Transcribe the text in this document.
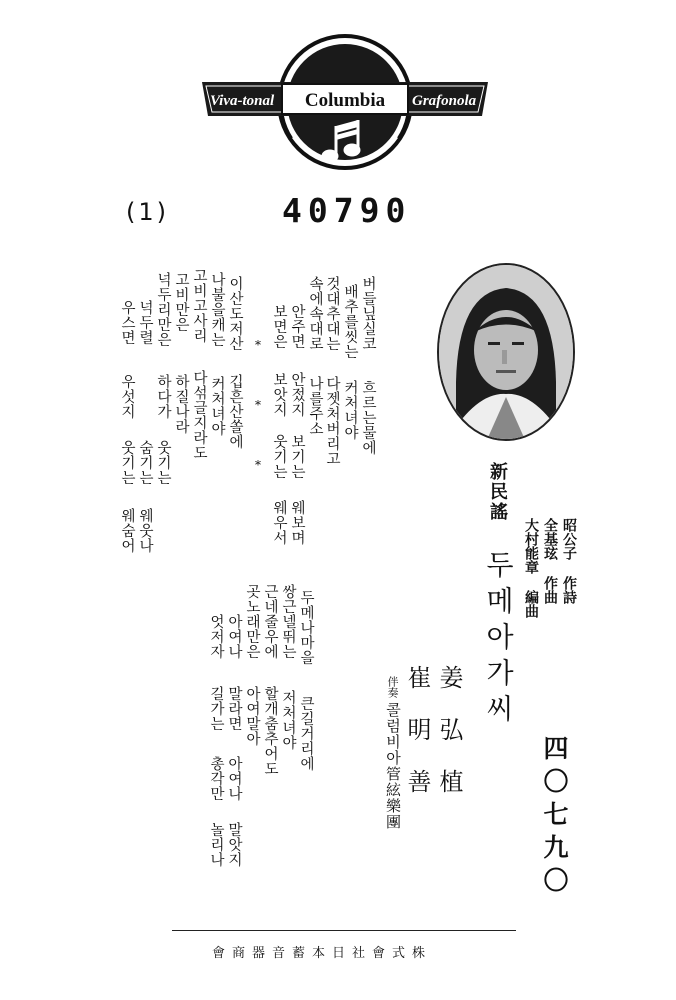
Viva-tonal Columbia Grafonola
(1)	40790
버들닢실코
흐르는물에
배추를씻는
커처녀야
것대추대는
다젯처버리고
속에속대로
나를주소
안주면
안젔지
보기는
보면은
보앗지
웃기는
웨보며
웨우서
*
*
*
이산도저산
깁흔산쏠에
나불을캐는
커처녀야
고비고사리
다섞글지라도
고비만은
하질나라
넉두리만은
하다가
웃기는
넉두렬
우스면
우섯지
웃기는
웨웃나
숨기는
웨숨어
두메나마을
큰길거리에
쌍근넬뛰는
저처녀야
근네줄우에
할개춤추어도
곳노래만은
아여말아
아여나
말라면
아여나
엇저자
길가는
말앗지
총각만
놀리나
新民謠
두메아가씨	昭公子 作詩
全基玹 作曲
大村能章 編曲
姜 弘 植
崔 明 善
伴奏
콜럼비아管絃樂團	四〇七九〇
株式會社日本蓄音器商會
